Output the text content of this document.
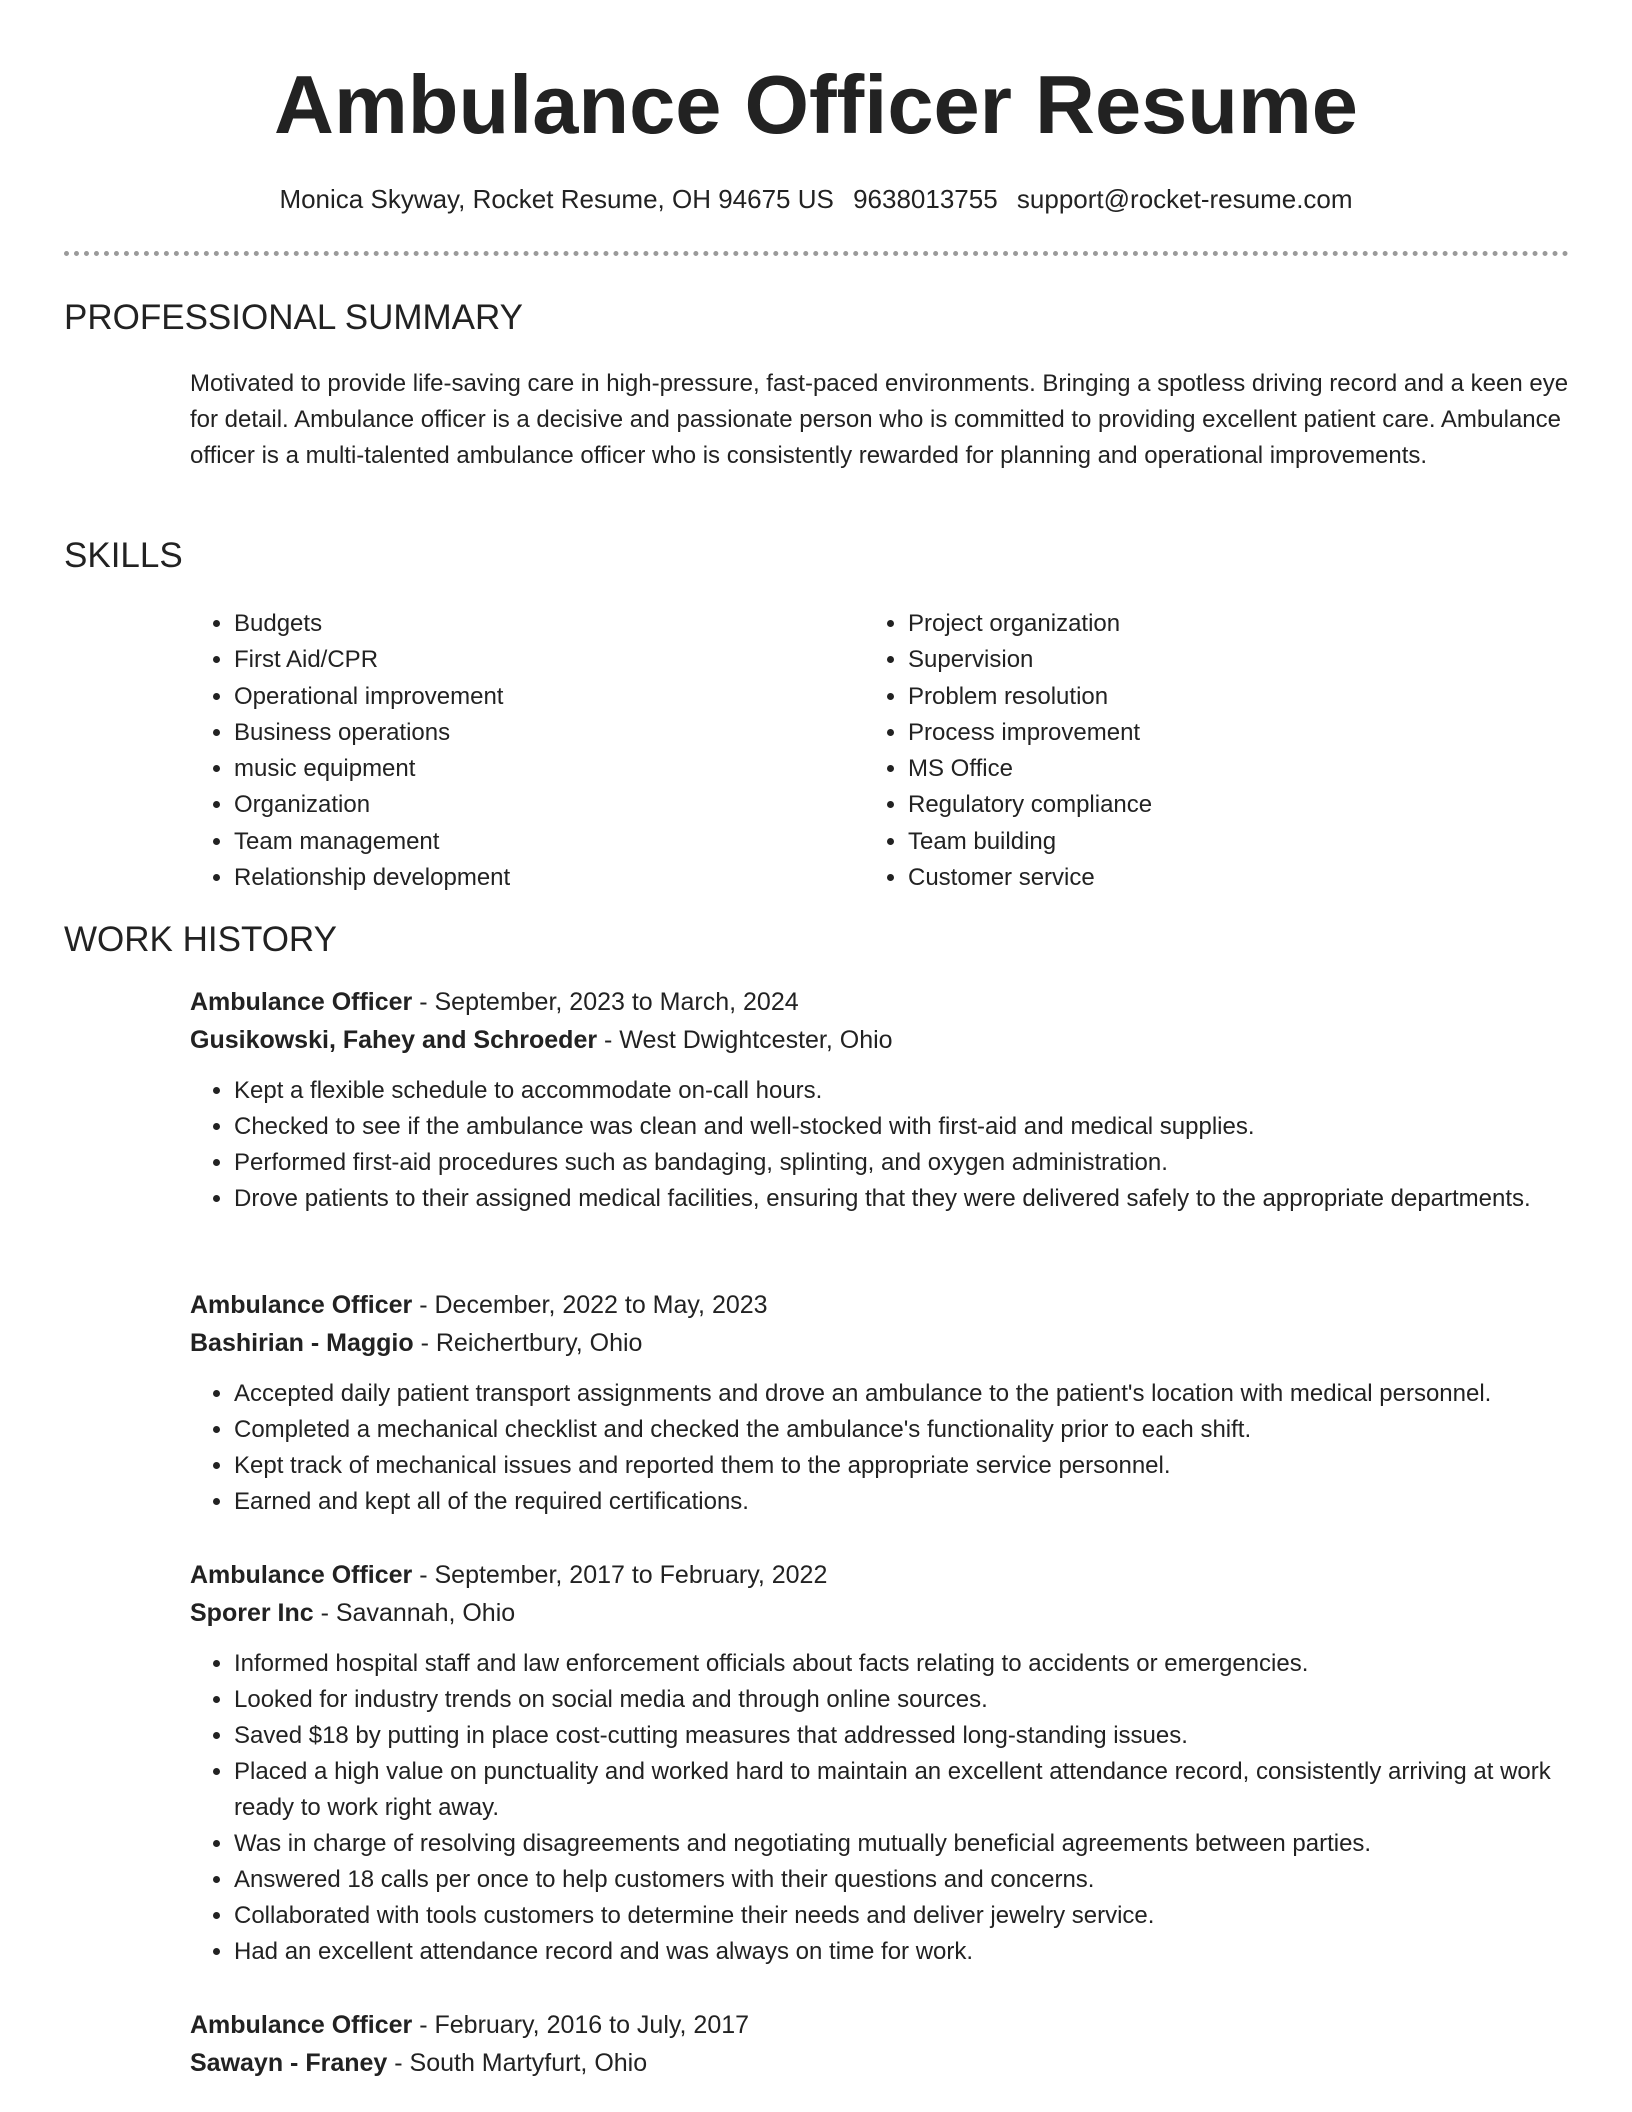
Ambulance Officer Resume
Monica Skyway, Rocket Resume, OH 94675 US 9638013755 support@rocket-resume.com
PROFESSIONAL SUMMARY

Motivated to provide life-saving care in high-pressure, fast-paced environments. Bringing a spotless driving record and a keen eye for detail. Ambulance officer is a decisive and passionate person who is committed to providing excellent patient care. Ambulance officer is a multi-talented ambulance officer who is consistently rewarded for planning and operational improvements.

SKILLS
• Budgets
• First Aid/CPR
• Operational improvement
• Business operations
• music equipment
• Organization
• Team management
• Relationship development
• Project organization
• Supervision
• Problem resolution
• Process improvement
• MS Office
• Regulatory compliance
• Team building
• Customer service
WORK HISTORY
Ambulance Officer - September, 2023 to March, 2024
Gusikowski, Fahey and Schroeder - West Dwightcester, Ohio
• Kept a flexible schedule to accommodate on-call hours.
• Checked to see if the ambulance was clean and well-stocked with first-aid and medical supplies.
• Performed first-aid procedures such as bandaging, splinting, and oxygen administration.
• Drove patients to their assigned medical facilities, ensuring that they were delivered safely to the appropriate departments.
Ambulance Officer - December, 2022 to May, 2023
Bashirian - Maggio - Reichertbury, Ohio
• Accepted daily patient transport assignments and drove an ambulance to the patient's location with medical personnel.
• Completed a mechanical checklist and checked the ambulance's functionality prior to each shift.
• Kept track of mechanical issues and reported them to the appropriate service personnel.
• Earned and kept all of the required certifications.
Ambulance Officer - September, 2017 to February, 2022
Sporer Inc - Savannah, Ohio
• Informed hospital staff and law enforcement officials about facts relating to accidents or emergencies.
• Looked for industry trends on social media and through online sources.
• Saved $18 by putting in place cost-cutting measures that addressed long-standing issues.
• Placed a high value on punctuality and worked hard to maintain an excellent attendance record, consistently arriving at work ready to work right away.
• Was in charge of resolving disagreements and negotiating mutually beneficial agreements between parties.
• Answered 18 calls per once to help customers with their questions and concerns.
• Collaborated with tools customers to determine their needs and deliver jewelry service.
• Had an excellent attendance record and was always on time for work.
Ambulance Officer - February, 2016 to July, 2017
Sawayn - Franey - South Martyfurt, Ohio
